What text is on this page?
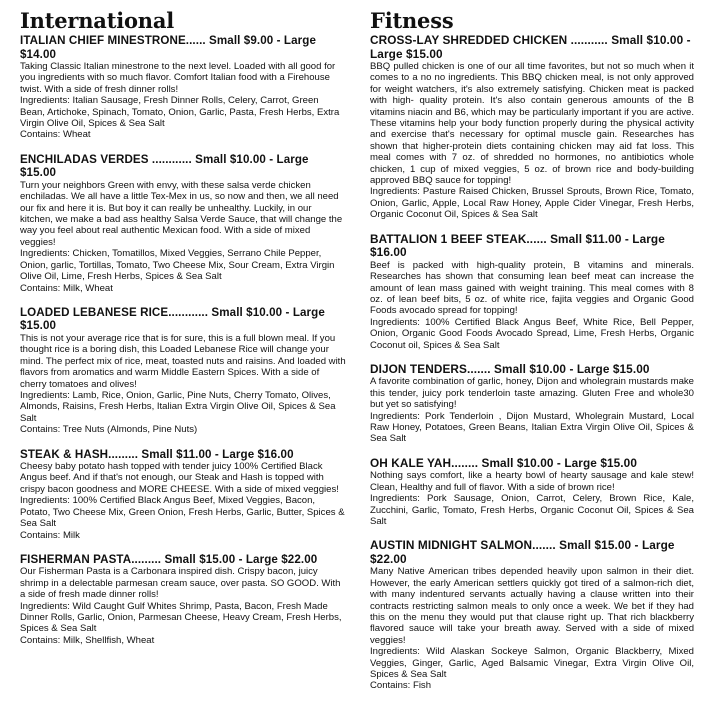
International
ITALIAN CHIEF MINESTRONE...... Small $9.00 - Large $14.00

Taking Classic Italian minestrone to the next level. Loaded with all good for you ingredients with so much flavor. Comfort Italian food with a Firehouse twist. With a side of fresh dinner rolls!

Ingredients: Italian Sausage, Fresh Dinner Rolls, Celery, Carrot, Green Bean, Artichoke, Spinach, Tomato, Onion, Garlic, Pasta, Fresh Herbs, Extra Virgin Olive Oil, Spices & Sea Salt

Contains: Wheat

ENCHILADAS VERDES ............ Small $10.00 - Large $15.00

Turn your neighbors Green with envy, with these salsa verde chicken enchiladas. We all have a little Tex-Mex in us, so now and then, we all need our fix and here it is. But boy it can really be unhealthy. Luckily, in our kitchen, we make a bad ass healthy Salsa Verde Sauce, that will change the way you feel about real authentic Mexican food. With a side of mixed veggies!

Ingredients: Chicken, Tomatillos, Mixed Veggies, Serrano Chile Pepper, Onion, garlic, Tortillas, Tomato, Two Cheese Mix, Sour Cream, Extra Virgin Olive Oil, Lime, Fresh Herbs, Spices & Sea Salt

Contains: Milk, Wheat

LOADED LEBANESE RICE............ Small $10.00 - Large $15.00

This is not your average rice that is for sure, this is a full blown meal. If you thought rice is a boring dish, this Loaded Lebanese Rice will change your mind. The perfect mix of rice, meat, toasted nuts and raisins. And loaded with flavors from aromatics and warm Middle Eastern Spices. With a side of cherry tomatoes and olives!

Ingredients: Lamb, Rice, Onion, Garlic, Pine Nuts, Cherry Tomato, Olives, Almonds, Raisins, Fresh Herbs, Italian Extra Virgin Olive Oil, Spices & Sea Salt

Contains: Tree Nuts (Almonds, Pine Nuts)

STEAK & HASH......... Small $11.00 - Large $16.00

Cheesy baby potato hash topped with tender juicy 100% Certified Black Angus beef. And if that's not enough, our Steak and Hash is topped with crispy bacon goodness and MORE CHEESE. With a side of mixed veggies!

Ingredients: 100% Certified Black Angus Beef, Mixed Veggies, Bacon, Potato, Two Cheese Mix, Green Onion, Fresh Herbs, Garlic, Butter, Spices & Sea Salt

Contains: Milk

FISHERMAN PASTA......... Small $15.00 - Large $22.00

Our Fisherman Pasta is a Carbonara inspired dish. Crispy bacon, juicy shrimp in a delectable parmesan cream sauce, over pasta. SO GOOD. With a side of fresh made dinner rolls!

Ingredients: Wild Caught Gulf Whites Shrimp, Pasta, Bacon, Fresh Made Dinner Rolls, Garlic, Onion, Parmesan Cheese, Heavy Cream, Fresh Herbs, Spices & Sea Salt

Contains: Milk, Shellfish, Wheat

Fitness
CROSS-LAY SHREDDED CHICKEN ........... Small $10.00 - Large $15.00

BBQ pulled chicken is one of our all time favorites, but not so much when it comes to a no no ingredients. This BBQ chicken meal, is not only approved for weight watchers, it's also extremely satisfying. Chicken meat is packed with high- quality protein. It's also contain generous amounts of the B vitamins niacin and B6, which may be particularly important if you are active. These vitamins help your body function properly during the physical activity and exercise that's necessary for optimal muscle gain. Researches has shown that higher-protein diets containing chicken may aid fat loss. This meal comes with 7 oz. of shredded no hormones, no antibiotics whole chicken, 1 cup of mixed veggies, 5 oz. of brown rice and body-building approved BBQ sauce for topping!

Ingredients: Pasture Raised Chicken, Brussel Sprouts, Brown Rice, Tomato, Onion, Garlic, Apple, Local Raw Honey, Apple Cider Vinegar, Fresh Herbs, Organic Coconut Oil, Spices & Sea Salt

BATTALION 1 BEEF STEAK...... Small $11.00 - Large $16.00

Beef is packed with high-quality protein, B vitamins and minerals. Researches has shown that consuming lean beef meat can increase the amount of lean mass gained with weight training. This meal comes with 8 oz. of lean beef bits, 5 oz. of white rice, fajita veggies and Organic Good Foods avocado spread for topping!

Ingredients: 100% Certified Black Angus Beef, White Rice, Bell Pepper, Onion, Organic Good Foods Avocado Spread, Lime, Fresh Herbs, Organic Coconut oil, Spices & Sea Salt

DIJON TENDERS....... Small $10.00 - Large $15.00

A favorite combination of garlic, honey, Dijon and wholegrain mustards make this tender, juicy pork tenderloin taste amazing. Gluten Free and whole30 but yet so satisfying!

Ingredients: Pork Tenderloin , Dijon Mustard, Wholegrain Mustard, Local Raw Honey, Potatoes, Green Beans, Italian Extra Virgin Olive Oil, Spices & Sea Salt

OH KALE YAH........ Small $10.00 - Large $15.00

Nothing says comfort, like a hearty bowl of hearty sausage and kale stew! Clean, Healthy and full of flavor. With a side of brown rice!

Ingredients: Pork Sausage, Onion, Carrot, Celery, Brown Rice, Kale, Zucchini, Garlic, Tomato, Fresh Herbs, Organic Coconut Oil, Spices & Sea Salt

AUSTIN MIDNIGHT SALMON....... Small $15.00 - Large $22.00

Many Native American tribes depended heavily upon salmon in their diet. However, the early American settlers quickly got tired of a salmon-rich diet, with many indentured servants actually having a clause written into their contracts restricting salmon meals to only once a week. We bet if they had this on the menu they would put that clause right up. That rich blackberry flavored sauce will take your breath away. Served with a side of mixed veggies!

Ingredients: Wild Alaskan Sockeye Salmon, Organic Blackberry, Mixed Veggies, Ginger, Garlic, Aged Balsamic Vinegar, Extra Virgin Olive Oil, Spices & Sea Salt

Contains: Fish
